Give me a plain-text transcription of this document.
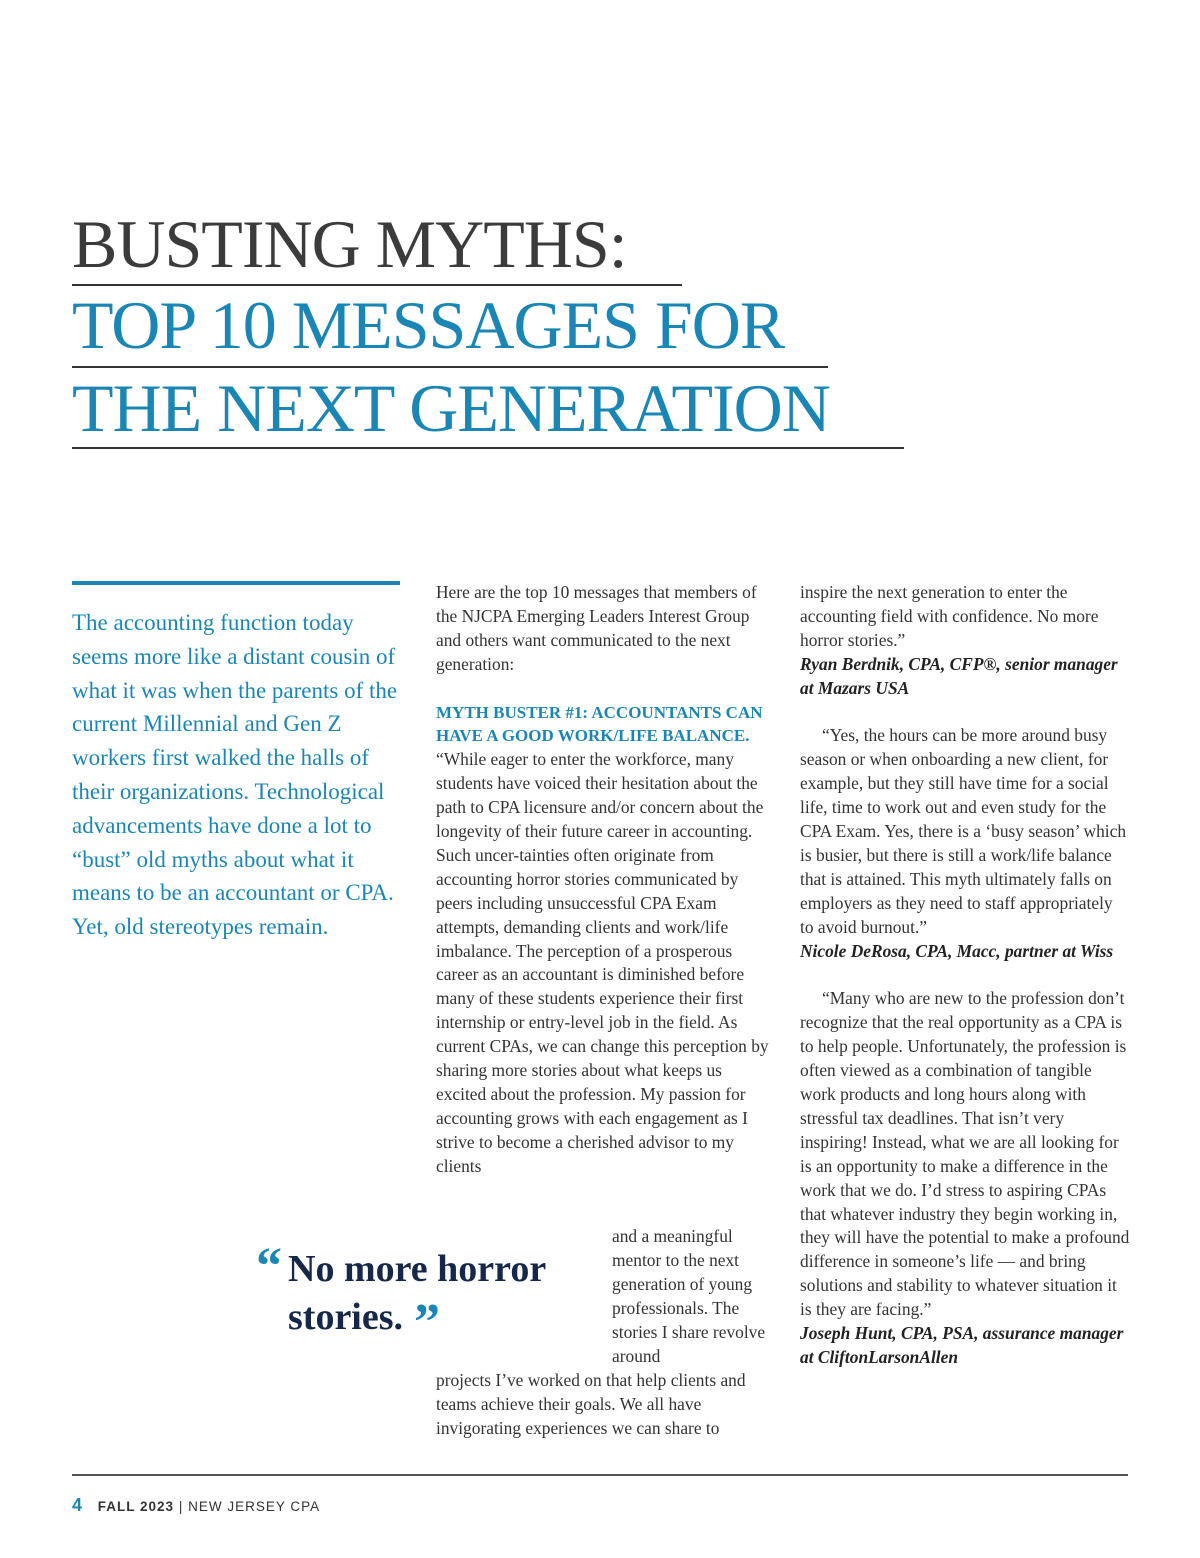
BUSTING MYTHS:
TOP 10 MESSAGES FOR
THE NEXT GENERATION

The accounting function today seems more like a distant cousin of what it was when the parents of the current Millennial and Gen Z workers first walked the halls of their organizations. Technological advancements have done a lot to “bust” old myths about what it means to be an accountant or CPA. Yet, old stereotypes remain.

Here are the top 10 messages that members of the NJCPA Emerging Leaders Interest Group and others want communicated to the next generation:

MYTH BUSTER #1: ACCOUNTANTS CAN HAVE A GOOD WORK/LIFE BALANCE.

“While eager to enter the workforce, many students have voiced their hesitation about the path to CPA licensure and/or concern about the longevity of their future career in accounting. Such uncer-tainties often originate from accounting horror stories communicated by peers including unsuccessful CPA Exam attempts, demanding clients and work/life imbalance. The perception of a prosperous career as an accountant is diminished before many of these students experience their first internship or entry-level job in the field. As current CPAs, we can change this perception by sharing more stories about what keeps us excited about the profession. My passion for accounting grows with each engagement as I strive to become a cherished advisor to my clients

and a meaningful mentor to the next generation of young professionals. The stories I share revolve around

projects I’ve worked on that help clients and teams achieve their goals. We all have invigorating experiences we can share to

“ No more horror stories. ”

inspire the next generation to enter the accounting field with confidence. No more horror stories.”

Ryan Berdnik, CPA, CFP®, senior manager at Mazars USA

“Yes, the hours can be more around busy season or when onboarding a new client, for example, but they still have time for a social life, time to work out and even study for the CPA Exam. Yes, there is a ‘busy season’ which is busier, but there is still a work/life balance that is attained. This myth ultimately falls on employers as they need to staff appropriately to avoid burnout.”

Nicole DeRosa, CPA, Macc, partner at Wiss

“Many who are new to the profession don’t recognize that the real opportunity as a CPA is to help people. Unfortunately, the profession is often viewed as a combination of tangible work products and long hours along with stressful tax deadlines. That isn’t very inspiring! Instead, what we are all looking for is an opportunity to make a difference in the work that we do. I’d stress to aspiring CPAs that whatever industry they begin working in, they will have the potential to make a profound difference in someone’s life — and bring solutions and stability to whatever situation it is they are facing.”

Joseph Hunt, CPA, PSA, assurance manager at CliftonLarsonAllen

4 FALL 2023 | NEW JERSEY CPA
